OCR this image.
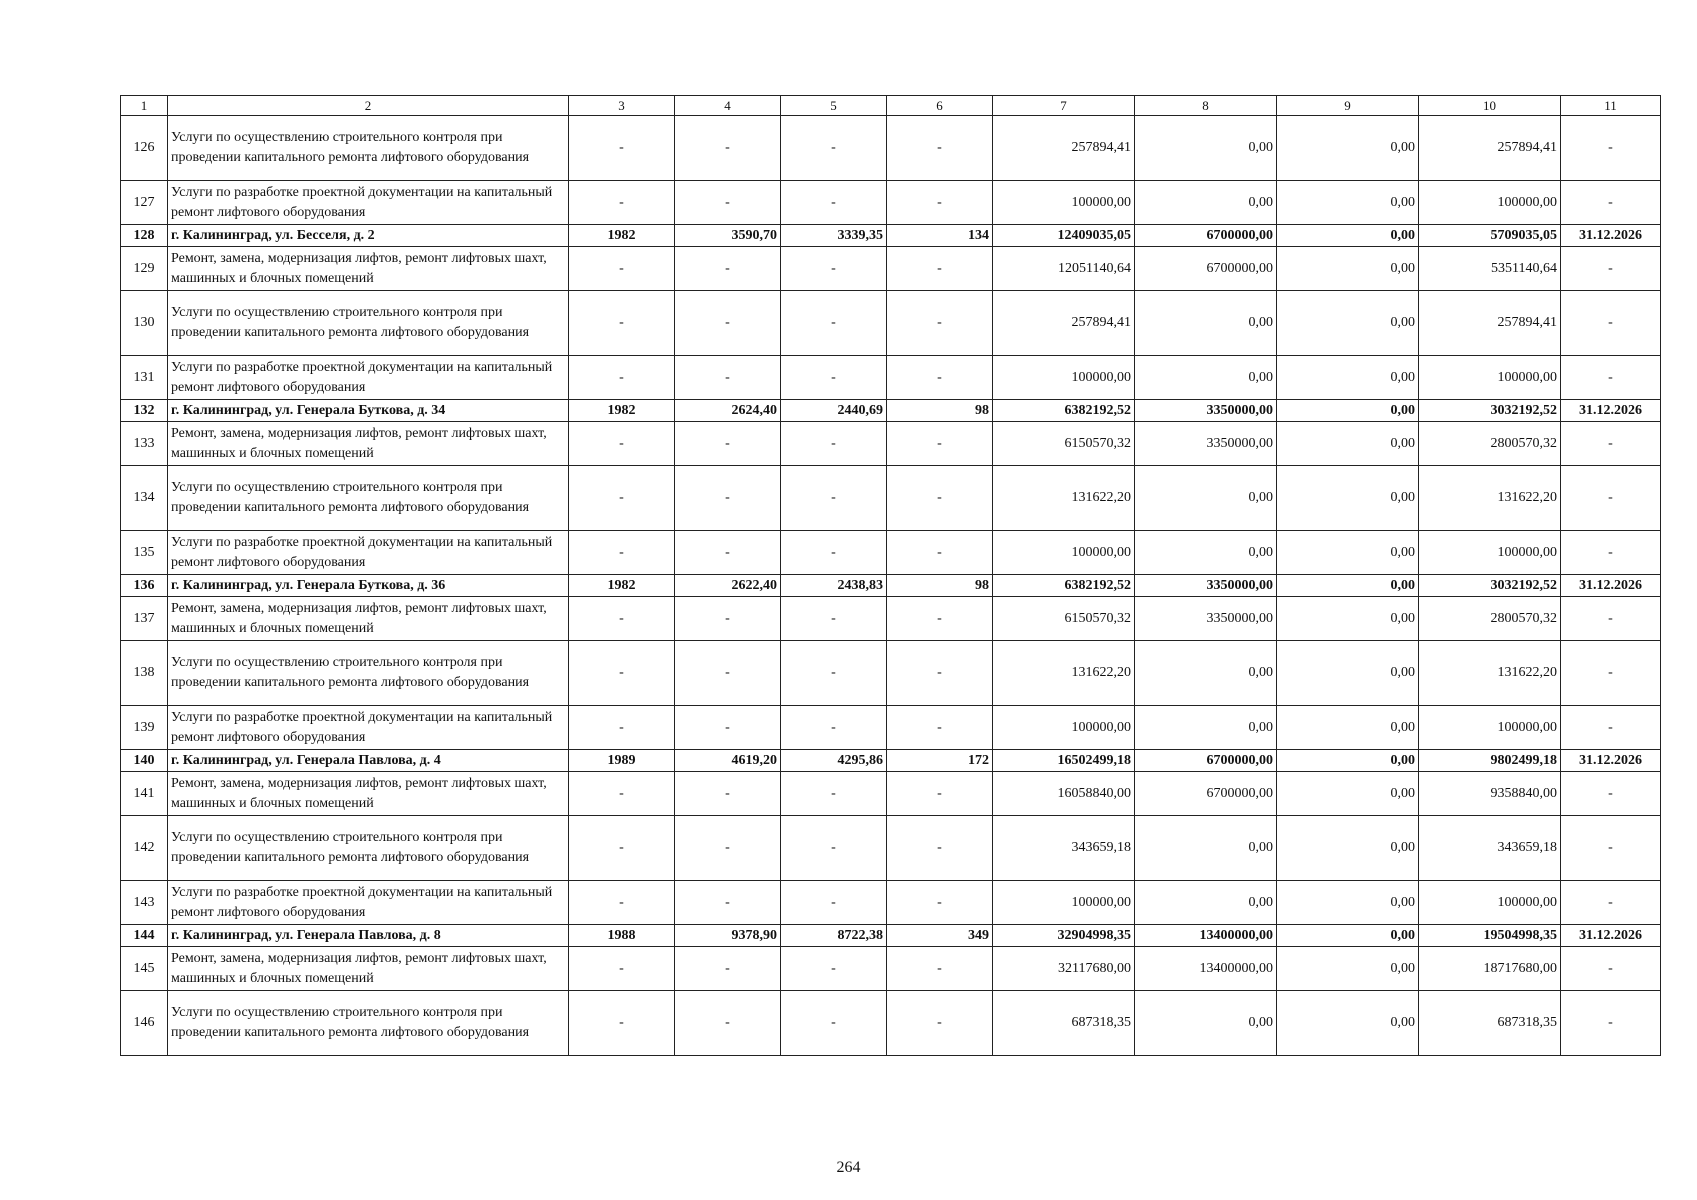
1	2	3	4	5	6	7	8	9	10	11
126	Услуги по осуществлению строительного контроля при проведении капитального ремонта лифтового оборудования	-	-	-	-	257894,41	0,00	0,00	257894,41	-
127	Услуги по разработке проектной документации на капитальный ремонт лифтового оборудования	-	-	-	-	100000,00	0,00	0,00	100000,00	-
128	г. Калининград, ул. Бесселя, д. 2	1982	3590,70	3339,35	134	12409035,05	6700000,00	0,00	5709035,05	31.12.2026
129	Ремонт, замена, модернизация лифтов, ремонт лифтовых шахт, машинных и блочных помещений	-	-	-	-	12051140,64	6700000,00	0,00	5351140,64	-
130	Услуги по осуществлению строительного контроля при проведении капитального ремонта лифтового оборудования	-	-	-	-	257894,41	0,00	0,00	257894,41	-
131	Услуги по разработке проектной документации на капитальный ремонт лифтового оборудования	-	-	-	-	100000,00	0,00	0,00	100000,00	-
132	г. Калининград, ул. Генерала Буткова, д. 34	1982	2624,40	2440,69	98	6382192,52	3350000,00	0,00	3032192,52	31.12.2026
133	Ремонт, замена, модернизация лифтов, ремонт лифтовых шахт, машинных и блочных помещений	-	-	-	-	6150570,32	3350000,00	0,00	2800570,32	-
134	Услуги по осуществлению строительного контроля при проведении капитального ремонта лифтового оборудования	-	-	-	-	131622,20	0,00	0,00	131622,20	-
135	Услуги по разработке проектной документации на капитальный ремонт лифтового оборудования	-	-	-	-	100000,00	0,00	0,00	100000,00	-
136	г. Калининград, ул. Генерала Буткова, д. 36	1982	2622,40	2438,83	98	6382192,52	3350000,00	0,00	3032192,52	31.12.2026
137	Ремонт, замена, модернизация лифтов, ремонт лифтовых шахт, машинных и блочных помещений	-	-	-	-	6150570,32	3350000,00	0,00	2800570,32	-
138	Услуги по осуществлению строительного контроля при проведении капитального ремонта лифтового оборудования	-	-	-	-	131622,20	0,00	0,00	131622,20	-
139	Услуги по разработке проектной документации на капитальный ремонт лифтового оборудования	-	-	-	-	100000,00	0,00	0,00	100000,00	-
140	г. Калининград, ул. Генерала Павлова, д. 4	1989	4619,20	4295,86	172	16502499,18	6700000,00	0,00	9802499,18	31.12.2026
141	Ремонт, замена, модернизация лифтов, ремонт лифтовых шахт, машинных и блочных помещений	-	-	-	-	16058840,00	6700000,00	0,00	9358840,00	-
142	Услуги по осуществлению строительного контроля при проведении капитального ремонта лифтового оборудования	-	-	-	-	343659,18	0,00	0,00	343659,18	-
143	Услуги по разработке проектной документации на капитальный ремонт лифтового оборудования	-	-	-	-	100000,00	0,00	0,00	100000,00	-
144	г. Калининград, ул. Генерала Павлова, д. 8	1988	9378,90	8722,38	349	32904998,35	13400000,00	0,00	19504998,35	31.12.2026
145	Ремонт, замена, модернизация лифтов, ремонт лифтовых шахт, машинных и блочных помещений	-	-	-	-	32117680,00	13400000,00	0,00	18717680,00	-
146	Услуги по осуществлению строительного контроля при проведении капитального ремонта лифтового оборудования	-	-	-	-	687318,35	0,00	0,00	687318,35	-
264
